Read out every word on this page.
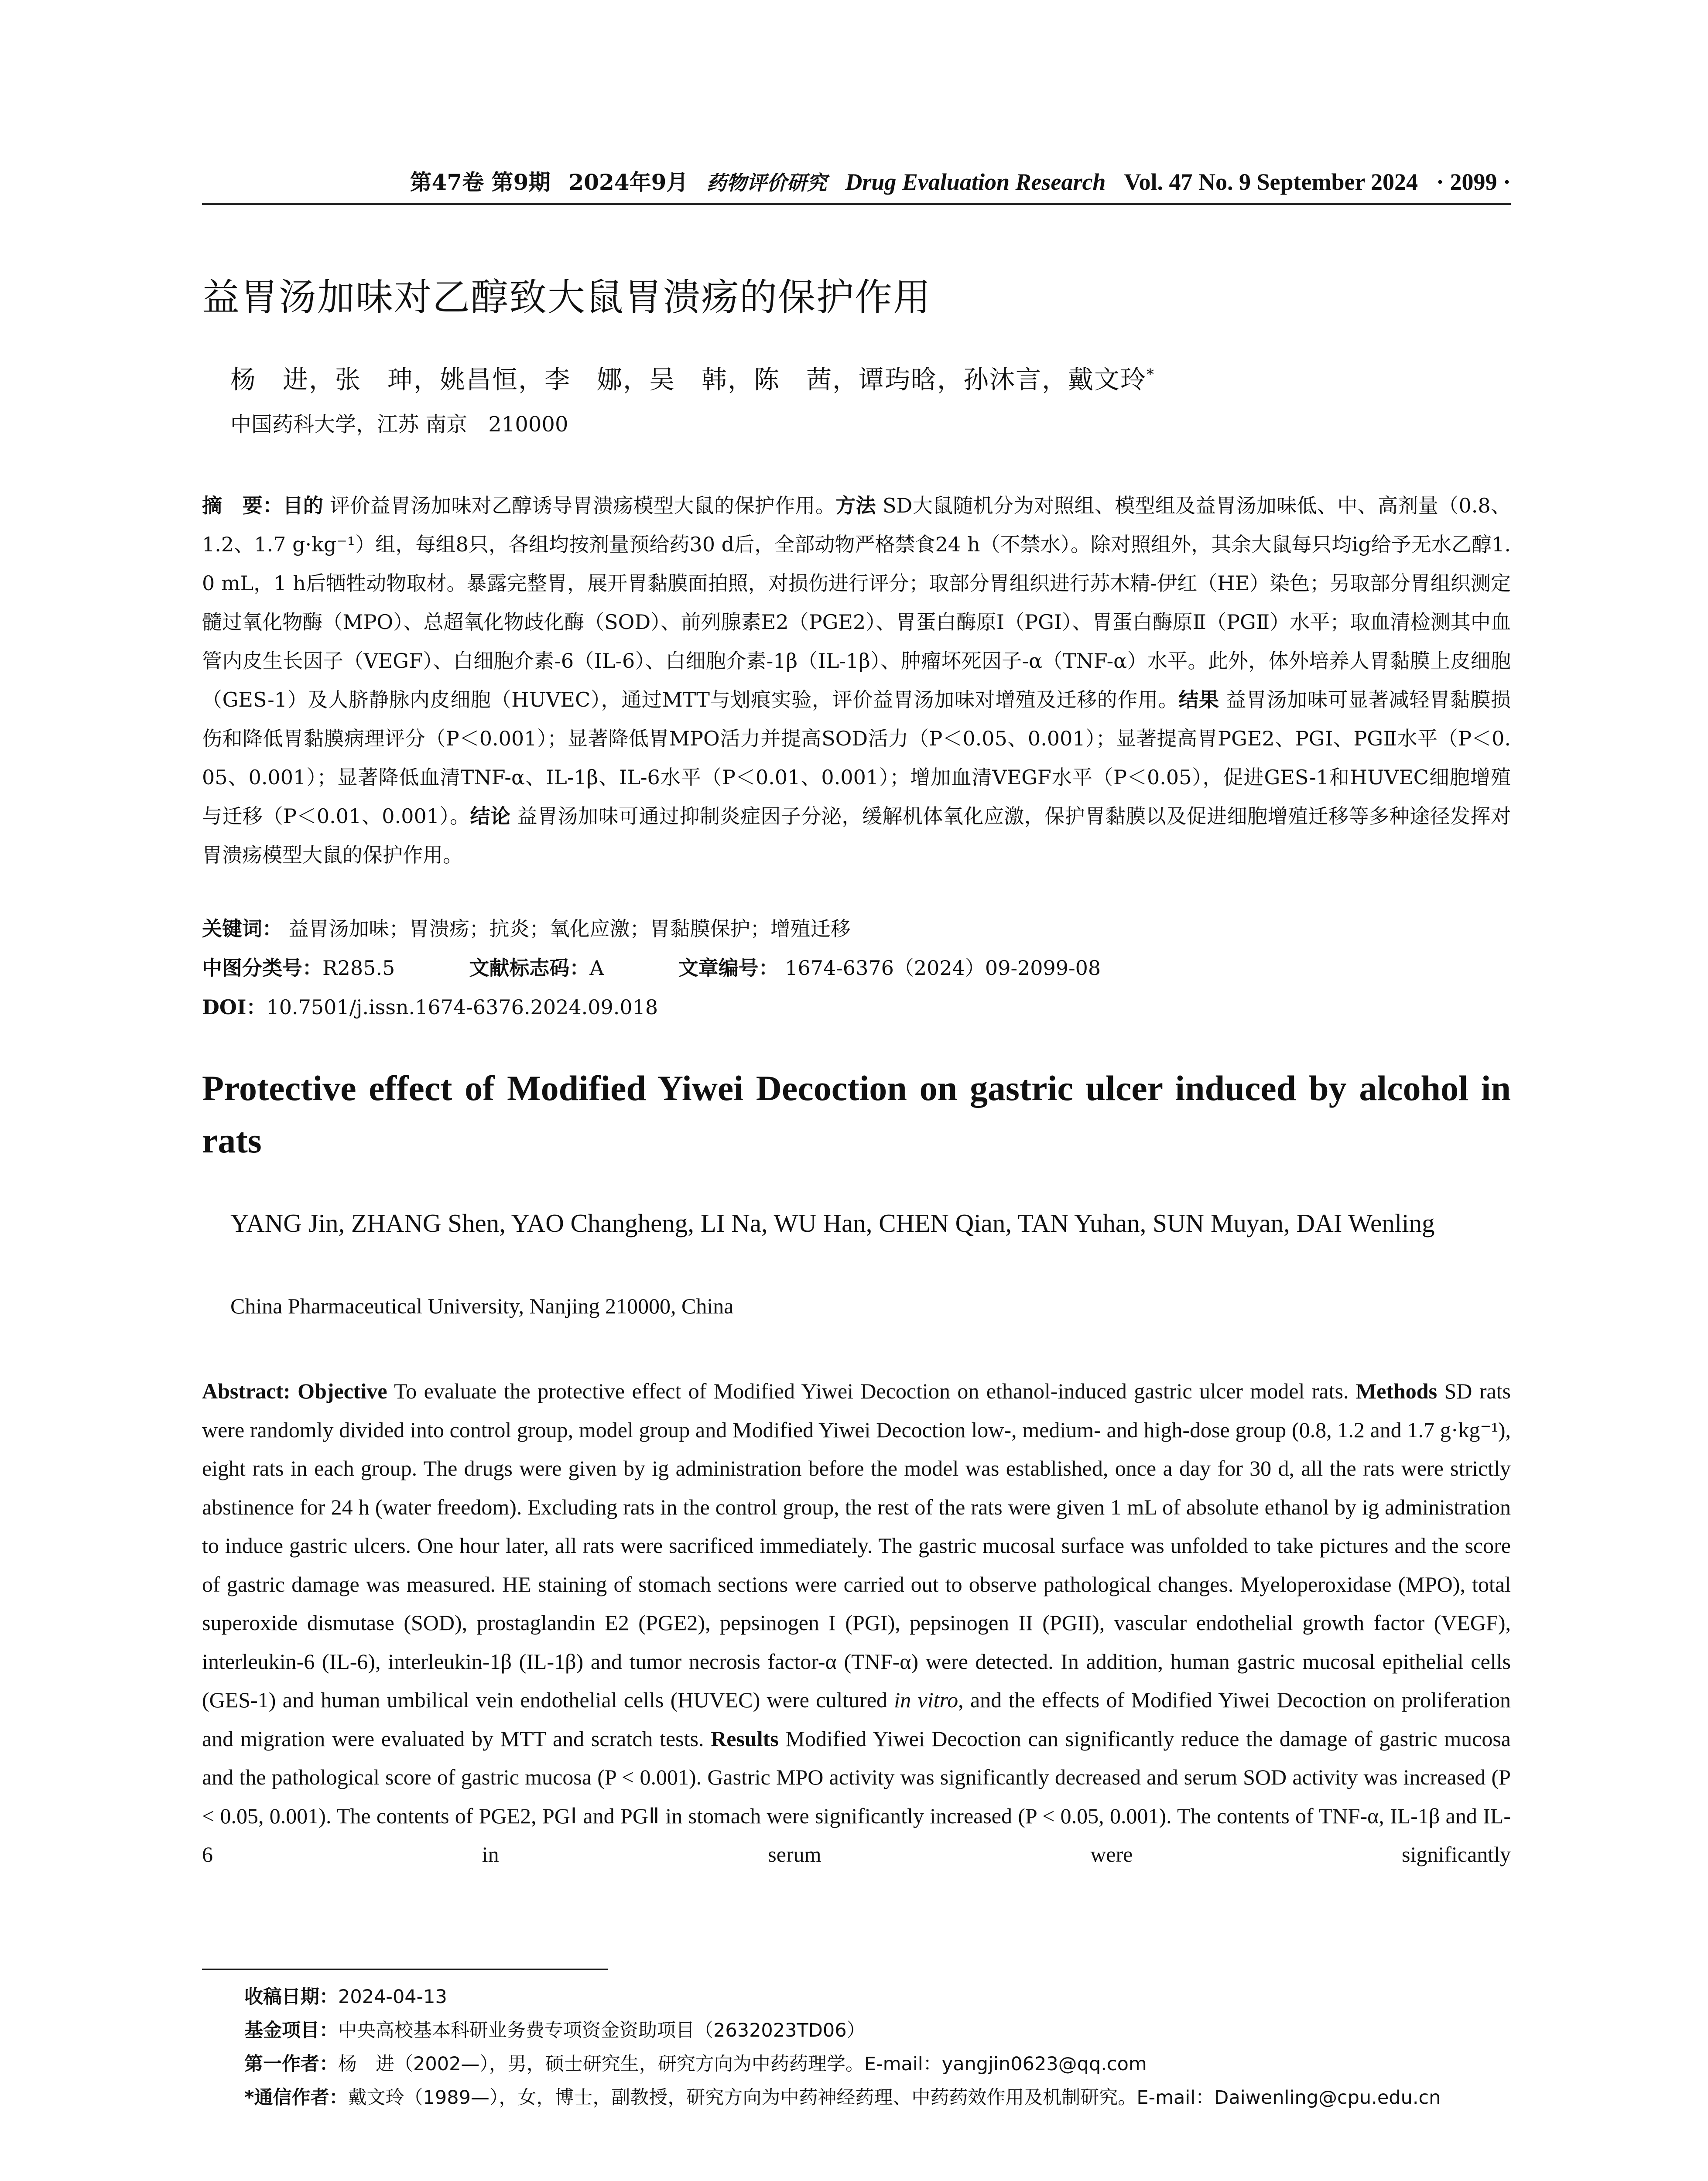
第47卷 第9期 2024年9月 药物评价研究 Drug Evaluation Research Vol. 47 No. 9 September 2024 · 2099 ·
益胃汤加味对乙醇致大鼠胃溃疡的保护作用
杨　进，张　珅，姚昌恒，李　娜，吴　韩，陈　茜，谭玙晗，孙沐言，戴文玲*
中国药科大学，江苏 南京　210000
摘　要：目的 评价益胃汤加味对乙醇诱导胃溃疡模型大鼠的保护作用。方法 SD大鼠随机分为对照组、模型组及益胃汤加味低、中、高剂量（0.8、1.2、1.7 g·kg⁻¹）组，每组8只，各组均按剂量预给药30 d后，全部动物严格禁食24 h（不禁水）。除对照组外，其余大鼠每只均ig给予无水乙醇1.0 mL，1 h后牺牲动物取材。暴露完整胃，展开胃黏膜面拍照，对损伤进行评分；取部分胃组织进行苏木精-伊红（HE）染色；另取部分胃组织测定髓过氧化物酶（MPO）、总超氧化物歧化酶（SOD）、前列腺素E2（PGE2）、胃蛋白酶原Ⅰ（PGⅠ）、胃蛋白酶原Ⅱ（PGⅡ）水平；取血清检测其中血管内皮生长因子（VEGF）、白细胞介素-6（IL-6）、白细胞介素-1β（IL-1β）、肿瘤坏死因子-α（TNF-α）水平。此外，体外培养人胃黏膜上皮细胞（GES-1）及人脐静脉内皮细胞（HUVEC），通过MTT与划痕实验，评价益胃汤加味对增殖及迁移的作用。结果 益胃汤加味可显著减轻胃黏膜损伤和降低胃黏膜病理评分（P＜0.001）；显著降低胃MPO活力并提高SOD活力（P＜0.05、0.001）；显著提高胃PGE2、PGⅠ、PGⅡ水平（P＜0.05、0.001）；显著降低血清TNF-α、IL-1β、IL-6水平（P＜0.01、0.001）；增加血清VEGF水平（P＜0.05），促进GES-1和HUVEC细胞增殖与迁移（P＜0.01、0.001）。结论 益胃汤加味可通过抑制炎症因子分泌，缓解机体氧化应激，保护胃黏膜以及促进细胞增殖迁移等多种途径发挥对胃溃疡模型大鼠的保护作用。
关键词： 益胃汤加味；胃溃疡；抗炎；氧化应激；胃黏膜保护；增殖迁移
中图分类号：R285.5	文献标志码：A	文章编号： 1674-6376（2024）09-2099-08
DOI：10.7501/j.issn.1674-6376.2024.09.018
Protective effect of Modified Yiwei Decoction on gastric ulcer induced by alcohol in rats
YANG Jin, ZHANG Shen, YAO Changheng, LI Na, WU Han, CHEN Qian, TAN Yuhan, SUN Muyan, DAI Wenling
China Pharmaceutical University, Nanjing 210000, China
Abstract: Objective To evaluate the protective effect of Modified Yiwei Decoction on ethanol-induced gastric ulcer model rats. Methods SD rats were randomly divided into control group, model group and Modified Yiwei Decoction low-, medium- and high-dose group (0.8, 1.2 and 1.7 g·kg⁻¹), eight rats in each group. The drugs were given by ig administration before the model was established, once a day for 30 d, all the rats were strictly abstinence for 24 h (water freedom). Excluding rats in the control group, the rest of the rats were given 1 mL of absolute ethanol by ig administration to induce gastric ulcers. One hour later, all rats were sacrificed immediately. The gastric mucosal surface was unfolded to take pictures and the score of gastric damage was measured. HE staining of stomach sections were carried out to observe pathological changes. Myeloperoxidase (MPO), total superoxide dismutase (SOD), prostaglandin E2 (PGE2), pepsinogen I (PGI), pepsinogen II (PGII), vascular endothelial growth factor (VEGF), interleukin-6 (IL-6), interleukin-1β (IL-1β) and tumor necrosis factor-α (TNF-α) were detected. In addition, human gastric mucosal epithelial cells (GES-1) and human umbilical vein endothelial cells (HUVEC) were cultured in vitro, and the effects of Modified Yiwei Decoction on proliferation and migration were evaluated by MTT and scratch tests. Results Modified Yiwei Decoction can significantly reduce the damage of gastric mucosa and the pathological score of gastric mucosa (P < 0.001). Gastric MPO activity was significantly decreased and serum SOD activity was increased (P < 0.05, 0.001). The contents of PGE2, PGⅠ and PGⅡ in stomach were significantly increased (P < 0.05, 0.001). The contents of TNF-α, IL-1β and IL-6 in serum were significantly
收稿日期：2024-04-13
基金项目：中央高校基本科研业务费专项资金资助项目（2632023TD06）
第一作者：杨　进（2002—），男，硕士研究生，研究方向为中药药理学。E-mail：yangjin0623@qq.com
*通信作者：戴文玲（1989—），女，博士，副教授，研究方向为中药神经药理、中药药效作用及机制研究。E-mail：Daiwenling@cpu.edu.cn
